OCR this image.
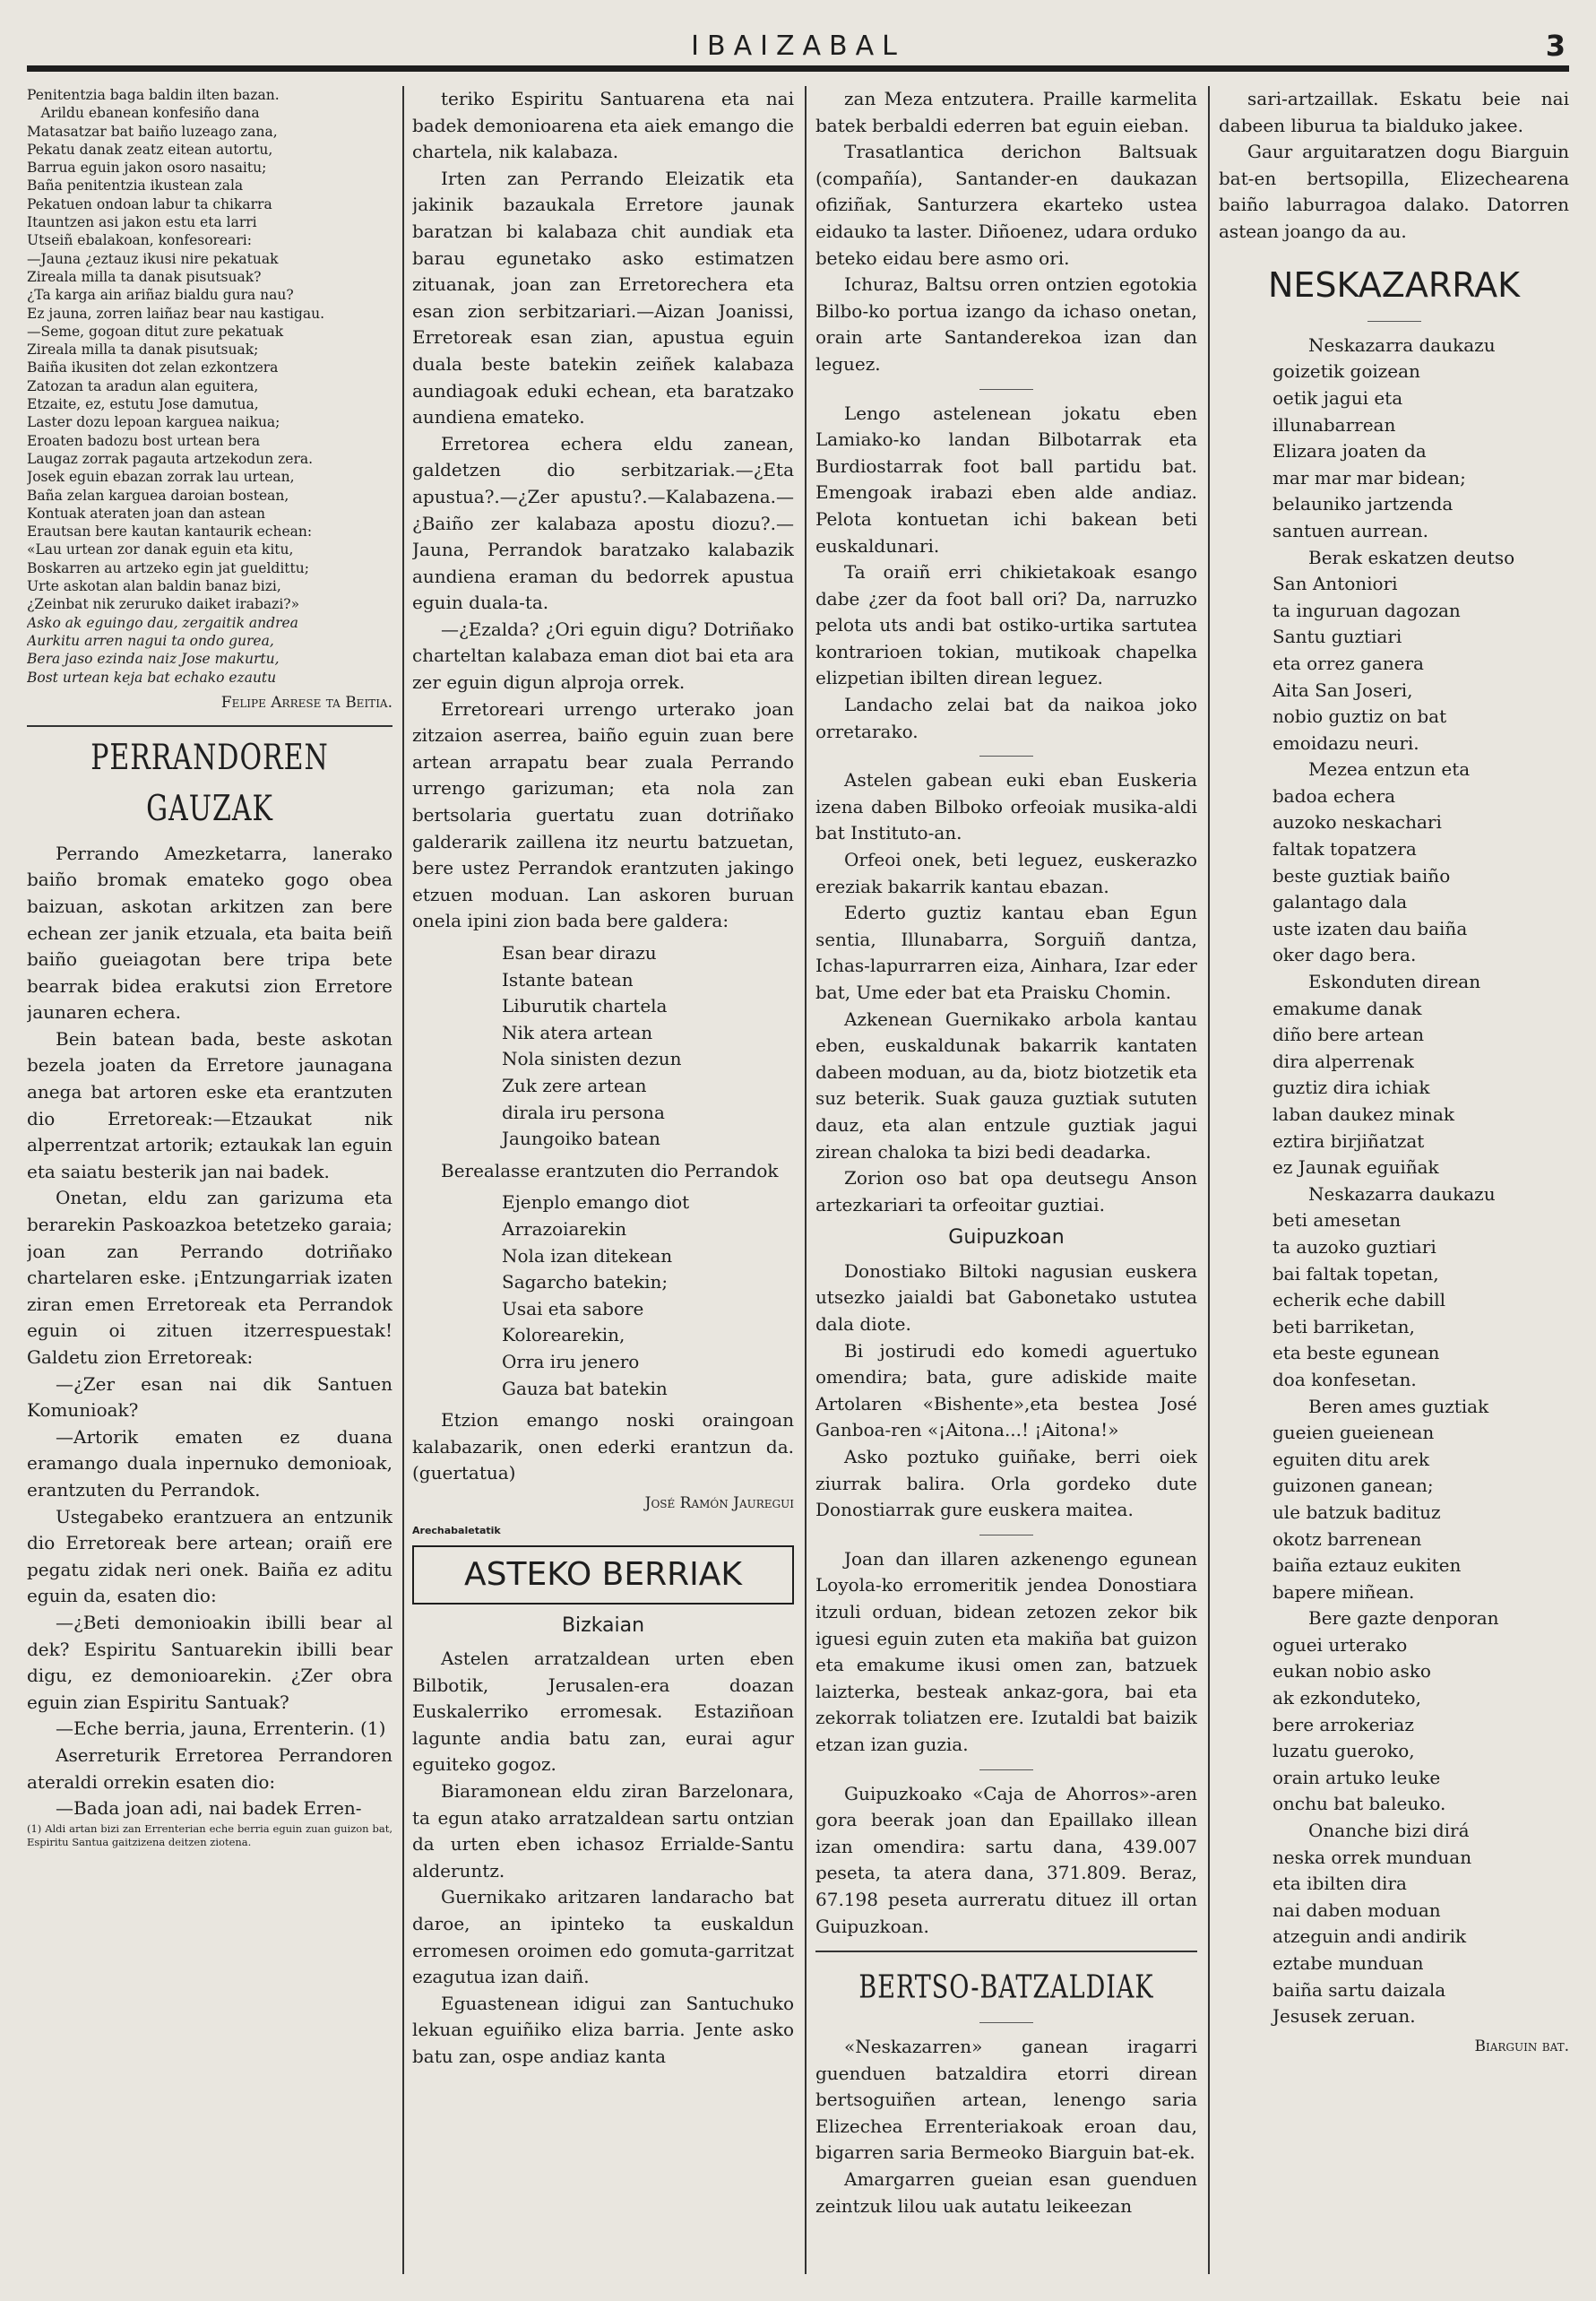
IBAIZABAL	3

Penitentzia baga baldin ilten bazan.

Arildu ebanean konfesiño dana

Matasatzar bat baiño luzeago zana,

Pekatu danak zeatz eitean autortu,

Barrua eguin jakon osoro nasaitu;

Baña penitentzia ikustean zala

Pekatuen ondoan labur ta chikarra

Itauntzen asi jakon estu eta larri

Utseiñ ebalakoan, konfesoreari:

—Jauna ¿eztauz ikusi nire pekatuak

Zireala milla ta danak pisutsuak?

¿Ta karga ain ariñaz bialdu gura nau?

Ez jauna, zorren laiñaz bear nau kastigau.

—Seme, gogoan ditut zure pekatuak

Zireala milla ta danak pisutsuak;

Baiña ikusiten dot zelan ezkontzera

Zatozan ta aradun alan eguitera,

Etzaite, ez, estutu Jose damutua,

Laster dozu lepoan kargueа naikua;

Eroaten badozu bost urtean bera

Laugaz zorrak pagauta artzekodun zera.

Josek eguin ebazan zorrak lau urtean,

Baña zelan karguea daroian bostean,

Kontuak ateraten joan dan astean

Erautsan bere kautan kantaurik echean:

«Lau urtean zor danak eguin eta kitu,

Boskarren au artzeko egin jat gueldittu;

Urte askotan alan baldin banaz bizi,

¿Zeinbat nik zeruruko daiket irabazi?»

Asko ak eguingo dau, zergaitik andrea

Aurkitu arren nagui ta ondo gurea,

Bera jaso ezinda naiz Jose makurtu,

Bost urtean keja bat echako ezautu

Felipe Arrese ta Beitia.
PERRANDOREN GAUZAK

Perrando Amezketarra, lanerako baiño bromak emateko gogo obea baizuan, askotan arkitzen zan bere echean zer janik etzuala, eta baita beiñ baiño gueiagotan bere tripa bete bearrak bidea erakutsi zion Erretore jaunaren echera.

Bein batean bada, beste askotan bezela joaten da Erretore jaunagana anega bat artoren eske eta erantzuten dio Erretoreak:—Etzaukat nik alperrentzat artorik; eztaukak lan eguin eta saiatu besterik jan nai badek.

Onetan, eldu zan garizuma eta berarekin Paskoazkoa betetzeko garaia; joan zan Perrando dotriñako chartelaren eske. ¡Entzungarriak izaten ziran emen Erretoreak eta Perrandok eguin oi zituen itzerrespuestak! Galdetu zion Erretoreak:

—¿Zer esan nai dik Santuen Komunioak?

—Artorik ematen ez duana eramango duala inpernuko demonioak, erantzuten du Perrandok.

Ustegabeko erantzuera an entzunik dio Erretoreak bere artean; oraiñ ere pegatu zidak neri onek. Baiña ez aditu eguin da, esaten dio:

—¿Beti demonioakin ibilli bear al dek? Espiritu Santuarekin ibilli bear digu, ez demonioarekin. ¿Zer obra eguin zian Espiritu Santuak?

—Eche berria, jauna, Errenterin. (1)

Aserreturik Erretorea Perrandoren ateraldi orrekin esaten dio:

—Bada joan adi, nai badek Erren-

(1) Aldi artan bizi zan Errenterian eche berria eguin zuan guizon bat, Espiritu Santua gaitzizena deitzen ziotena.

teriko Espiritu Santuarena eta nai badek demonioarena eta aiek emango die chartela, nik kalabaza.

Irten zan Perrando Eleizatik eta jakinik bazaukala Erretore jaunak baratzan bi kalabaza chit aundiak eta barau egunetako asko estimatzen zituanak, joan zan Erretorechera eta esan zion serbitzariari.—Aizan Joanissi, Erretoreak esan zian, apustua eguin duala beste batekin zeiñek kalabaza aundiagoak eduki echean, eta baratzako aundiena emateko.

Erretorea echera eldu zanean, galdetzen dio serbitzariak.—¿Eta apustua?.—¿Zer apustu?.—Kalabazena.—¿Baiño zer kalabaza apostu diozu?.—Jauna, Perrandok baratzako kalabazik aundiena eraman du bedorrek apustua eguin duala-ta.

—¿Ezalda? ¿Ori eguin digu? Dotriñako charteltan kalabaza eman diot bai eta ara zer eguin digun alproja orrek.

Erretoreari urrengo urterako joan zitzaion aserrea, baiño eguin zuan bere artean arrapatu bear zuala Perrando urrengo garizuman; eta nola zan bertsolaria guertatu zuan dotriñako galderarik zaillena itz neurtu batzuetan, bere ustez Perrandok erantzuten jakingo etzuen moduan. Lan askoren buruan onela ipini zion bada bere galdera:

Esan bear dirazu
Istante batean
Liburutik chartela
Nik atera artean
Nola sinisten dezun
Zuk zere artean
dirala iru persona
Jaungoiko batean

Berealasse erantzuten dio Perrandok

Ejenplo emango diot
Arrazoiarekin
Nola izan ditekean
Sagarcho batekin;
Usai eta sabore
Kolorearekin,
Orra iru jenero
Gauza bat batekin

Etzion emango noski oraingoan kalabazarik, onen ederki erantzun da. (guertatua)

José Ramón Jauregui
Arechabaletatik
ASTEKO BERRIAK
Bizkaian

Astelen arratzaldean urten eben Bilbotik, Jerusalen-era doazan Euskalerriko erromesak. Estaziñoan lagunte andia batu zan, eurai agur eguiteko gogoz.

Biaramonean eldu ziran Barzelonara, ta egun atako arratzaldean sartu ontzian da urten eben ichasoz Errialde-Santu alderuntz.

Guernikako aritzaren landaracho bat daroe, an ipinteko ta euskaldun erromesen oroimen edo gomuta-garritzat ezagutua izan daiñ.

Eguastenean idigui zan Santuchuko lekuan eguiñiko eliza barria. Jente asko batu zan, ospe andiaz kanta

zan Meza entzutera. Praille karmelita batek berbaldi ederren bat eguin eieban.

Trasatlantica derichon Baltsuak (compañía), Santander-en daukazan ofiziñak, Santurzera ekarteko ustea eidauko ta laster. Diñoenez, udara orduko beteko eidau bere asmo ori.

Ichuraz, Baltsu orren ontzien egotokia Bilbo-ko portua izango da ichaso onetan, orain arte Santanderekoa izan dan leguez.

Lengo astelenean jokatu eben Lamiako-ko landan Bilbotarrak eta Burdiostarrak foot ball partidu bat. Emengoak irabazi eben alde andiaz. Pelota kontuetan ichi bakean beti euskaldunari.

Ta oraiñ erri chikietakoak esango dabe ¿zer da foot ball ori? Da, narruzko pelota uts andi bat ostiko-urtika sartutea kontrarioen tokian, mutikoak chapelka elizpetian ibilten direan leguez.

Landacho zelai bat da naikoa jokо orretarako.

Astelen gabean euki eban Euskeria izena daben Bilboko orfeoiak musika-aldi bat Instituto-an.

Orfeoi onek, beti leguez, euskerazko ereziak bakarrik kantau ebazan.

Ederto guztiz kantau eban Egun sentia, Illunabarra, Sorguiñ dantza, Ichas-lapurrarren eiza, Ainhara, Izar eder bat, Ume eder bat eta Praisku Chomin.

Azkenean Guernikako arbola kantau eben, euskaldunak bakarrik kantaten dabeen moduan, au da, biotz biotzetik eta suz beterik. Suak gauza guztiak sututen dauz, eta alan entzule guztiak jagui zirean chaloka ta bizi bedi deadarka.

Zorion oso bat opa deutsegu Anson artezkariari ta orfeoitar guztiai.

Guipuzkoan

Donostiako Biltoki nagusian euskera utsezko jaialdi bat Gabonetako ustutea dala diote.

Bi jostirudi edo komedi aguertuko omendira; bata, gure adiskide maite Artolaren «Bishente»,eta bestea José Ganboa-ren «¡Aitona...! ¡Aitona!»

Asko poztuko guiñake, berri oiek ziurrak balira. Orla gordeko dute Donostiarrak gure euskera maitea.

Joan dan illaren azkenengo egunean Loyola-ko erromeritik jendea Donostiara itzuli orduan, bidean zetozen zekor bik iguesi eguin zuten eta makiña bat guizon eta emakume ikusi omen zan, batzuek laizterka, besteak ankaz-gora, bai eta zekorrak toliatzen ere. Izutaldi bat baizik etzan izan guzia.

Guipuzkoako «Caja de Ahorros»-aren gora beerak joan dan Epaillako illean izan omendira: sartu dana, 439.007 peseta, ta atera dana, 371.809. Beraz, 67.198 peseta aurreratu dituez ill ortan Guipuzkoan.

BERTSO-BATZALDIAK

«Neskazarren» ganean iragarri guenduen batzaldira etorri direan bertsoguiñen artean, lenengo saria Elizechea Errenteriakoak eroan dau, bigarren saria Bermeoko Biarguin bat-ek.

Amargarren gueian esan guenduen zeintzuk lilou uak autatu leikeezan

sari-artzaillak. Eskatu beie nai dabeen liburua ta bialduko jakee.

Gaur arguitaratzen dogu Biarguin bat-en bertsopilla, Elizechearena baiño laburragoa dalako. Datorren astean joango da au.

NESKAZARRAK
Neskazarra daukazu
goizetik goizean
oetik jagui eta
illunabarrean
Elizara joaten da
mar mar mar bidean;
belauniko jartzenda
santuen aurrean.
Berak eskatzen deutso
San Antoniori
ta inguruan dagozan
Santu guztiari
eta orrez ganera
Aita San Joseri,
nobio guztiz on bat
emoidazu neuri.
Mezea entzun eta
badoa echera
auzoko neskachari
faltak topatzera
beste guztiak baiño
galantago dala
uste izaten dau baiña
oker dago bera.
Eskonduten direan
emakume danak
diño bere artean
dira alperrenak
guztiz dira ichiak
laban daukez minak
eztira birjiñatzat
ez Jaunak eguiñak
Neskazarra daukazu
beti amesetan
ta auzoko guztiari
bai faltak topetan,
echerik eche dabill
beti barriketan,
eta beste egunean
doa konfesetan.
Beren ames guztiak
gueien gueienean
eguiten ditu arek
guizonen ganean;
ule batzuk badituz
okotz barrenean
baiña eztauz eukiten
bapere miñean.
Bere gazte denporan
oguei urterako
eukan nobio asko
ak ezkonduteko,
bere arrokeriaz
luzatu gueroko,
orain artuko leuke
onchu bat baleuko.
Onanche bizi dirá
neska orrek munduan
eta ibilten dira
nai daben moduan
atzeguin andi andirik
eztabe munduan
baiña sartu daizala
Jesusek zeruan.
Biarguin bat.
